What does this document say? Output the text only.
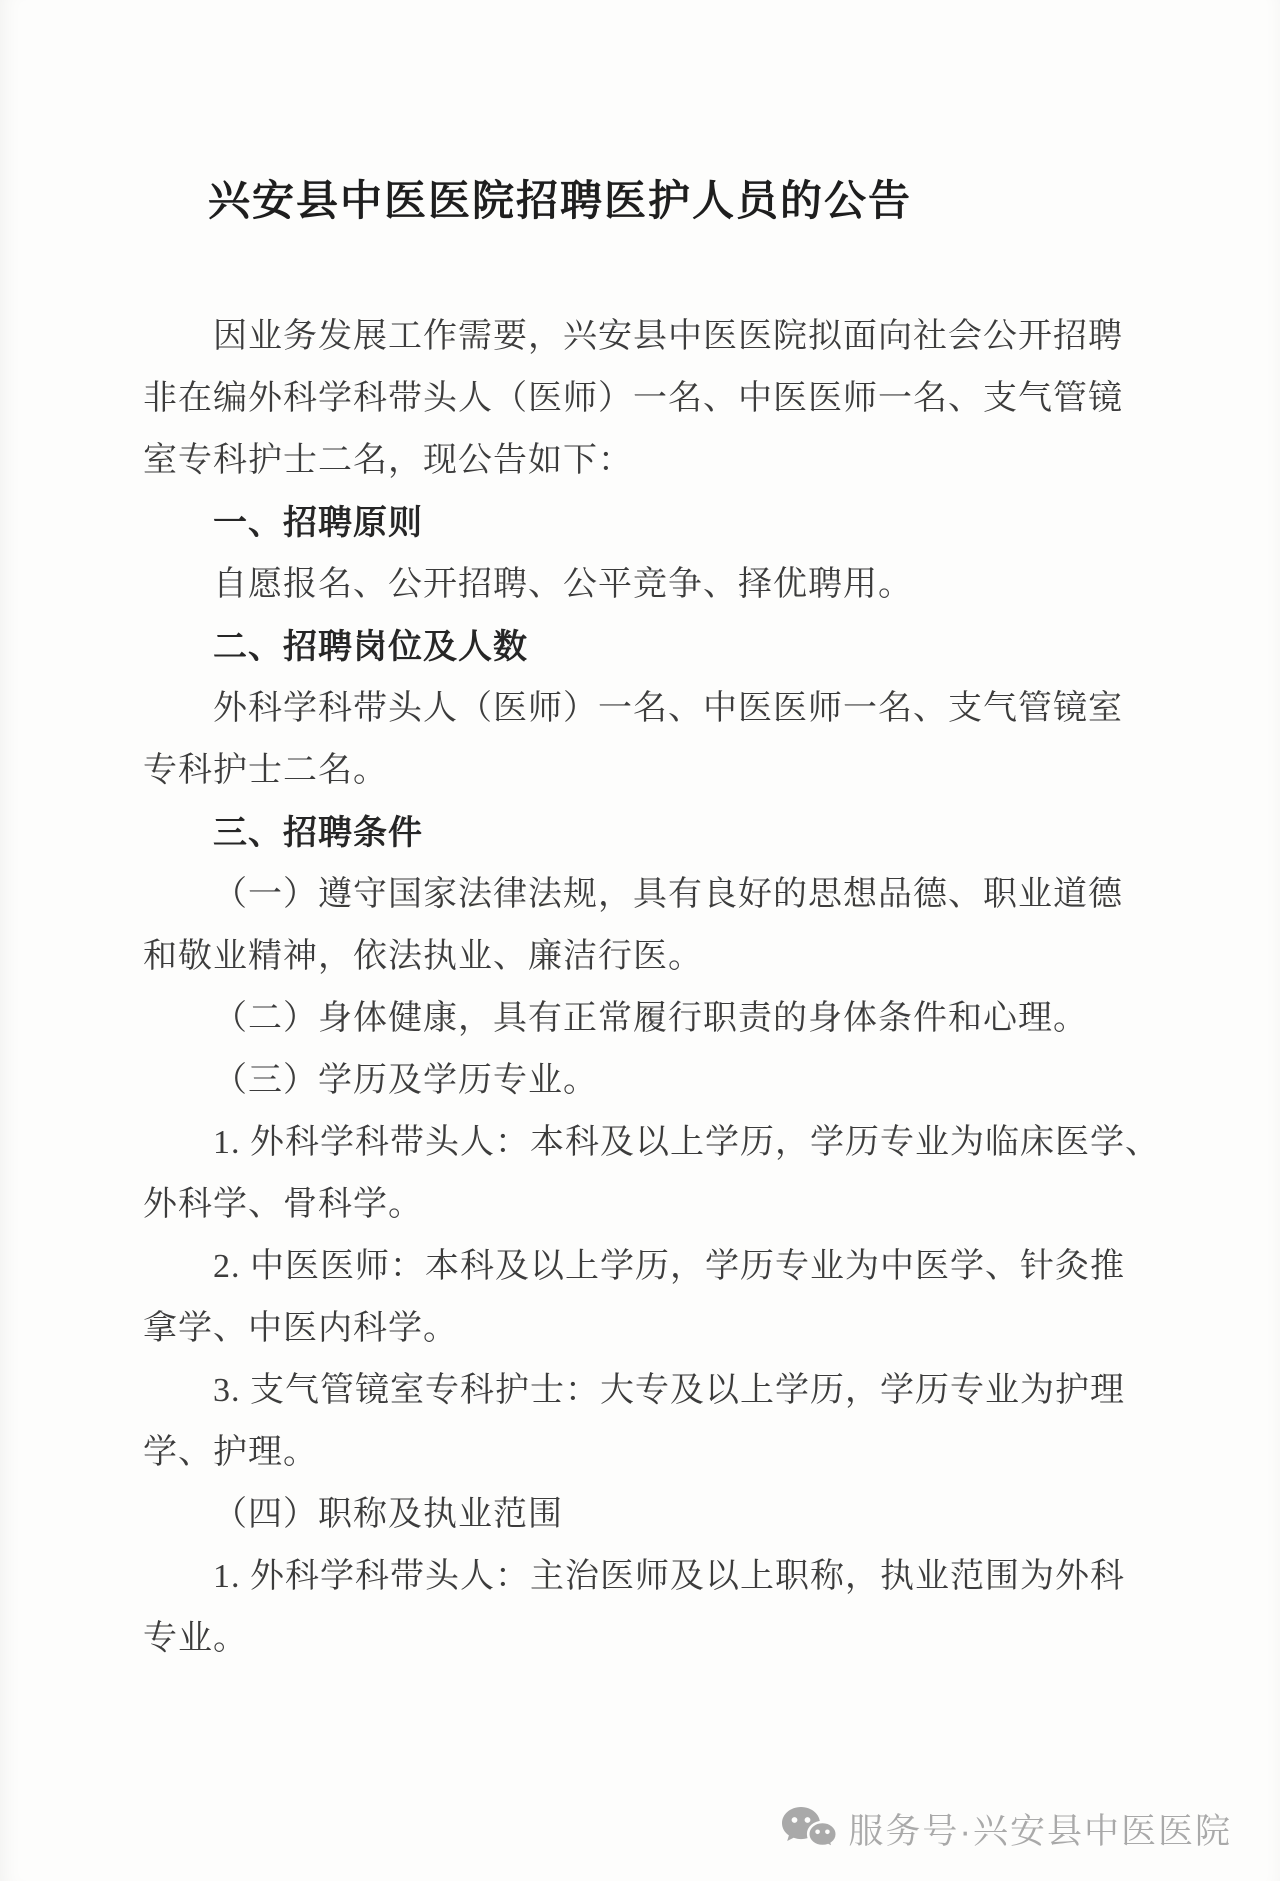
兴安县中医医院招聘医护人员的公告
因业务发展工作需要，兴安县中医医院拟面向社会公开招聘
非在编外科学科带头人（医师）一名、中医医师一名、支气管镜
室专科护士二名，现公告如下：
一、招聘原则
自愿报名、公开招聘、公平竞争、择优聘用。
二、招聘岗位及人数
外科学科带头人（医师）一名、中医医师一名、支气管镜室
专科护士二名。
三、招聘条件
（一）遵守国家法律法规，具有良好的思想品德、职业道德
和敬业精神，依法执业、廉洁行医。
（二）身体健康，具有正常履行职责的身体条件和心理。
（三）学历及学历专业。
1. 外科学科带头人：本科及以上学历，学历专业为临床医学、
外科学、骨科学。
2. 中医医师：本科及以上学历，学历专业为中医学、针灸推
拿学、中医内科学。
3. 支气管镜室专科护士：大专及以上学历，学历专业为护理
学、护理。
（四）职称及执业范围
1. 外科学科带头人：主治医师及以上职称，执业范围为外科
专业。
服务号·兴安县中医医院
